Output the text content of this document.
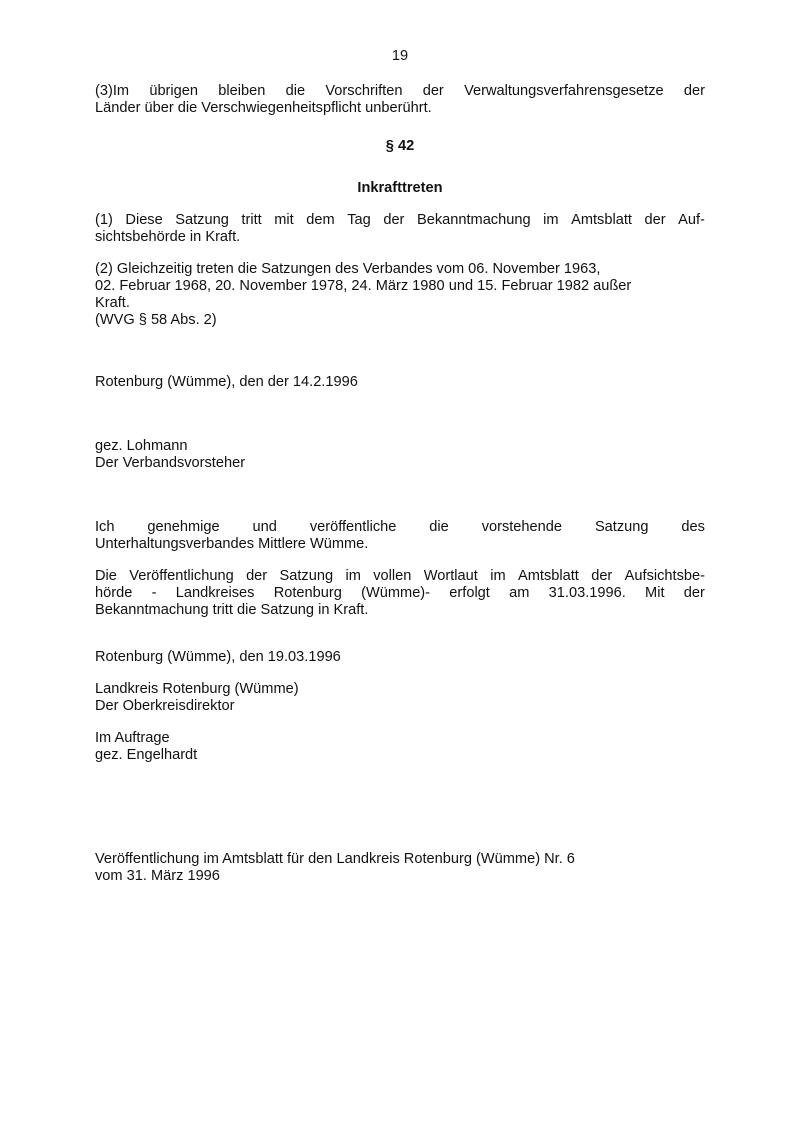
19
(3)Im übrigen bleiben die Vorschriften der Verwaltungsverfahrensgesetze der
Länder über die Verschwiegenheitspflicht unberührt.
§ 42
Inkrafttreten
(1) Diese Satzung tritt mit dem Tag der Bekanntmachung im Amtsblatt der Auf-
sichtsbehörde in Kraft.
(2) Gleichzeitig treten die Satzungen des Verbandes vom 06. November 1963,
02. Februar 1968, 20. November 1978, 24. März 1980 und 15. Februar 1982 außer
Kraft.
(WVG § 58 Abs. 2)
Rotenburg (Wümme), den der 14.2.1996
gez. Lohmann
Der Verbandsvorsteher
Ich genehmige und veröffentliche die vorstehende Satzung des
Unterhaltungsverbandes Mittlere Wümme.
Die Veröffentlichung der Satzung im vollen Wortlaut im Amtsblatt der Aufsichtsbe-
hörde - Landkreises Rotenburg (Wümme)- erfolgt am 31.03.1996. Mit der
Bekanntmachung tritt die Satzung in Kraft.
Rotenburg (Wümme), den 19.03.1996
Landkreis Rotenburg (Wümme)
Der Oberkreisdirektor
Im Auftrage
gez. Engelhardt
Veröffentlichung im Amtsblatt für den Landkreis Rotenburg (Wümme) Nr. 6
vom 31. März 1996
